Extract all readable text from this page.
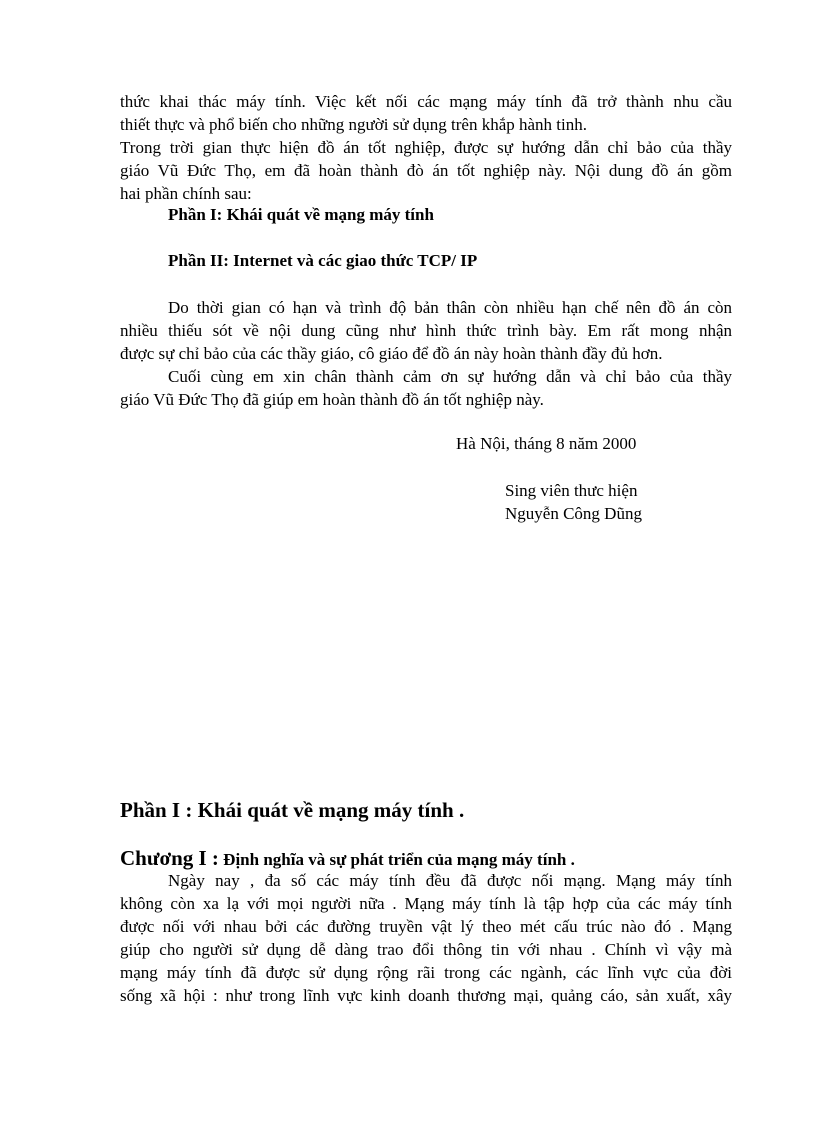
thức khai thác máy tính. Việc kết nối các mạng máy tính đã trở thành nhu cầu
thiết thực và phổ biến cho những người sử dụng trên khắp hành tinh.
Trong trời gian thực hiện đồ án tốt nghiệp, được sự hướng dẫn chỉ bảo của thầy
giáo Vũ Đức Thọ, em đã hoàn thành đò án tốt nghiệp này. Nội dung đồ án gồm
hai phần chính sau:
Phần I: Khái quát về mạng máy tính
Phần II: Internet và các giao thức TCP/ IP
Do thời gian có hạn và trình độ bản thân còn nhiều hạn chế nên đồ án còn
nhiều thiếu sót về nội dung cũng như hình thức trình bày. Em rất mong nhận
được sự chỉ bảo của các thầy giáo, cô giáo để đồ án này hoàn thành đầy đủ hơn.
Cuối cùng em xin chân thành cảm ơn sự hướng dẫn và chỉ bảo của thầy
giáo Vũ Đức Thọ đã giúp em hoàn thành đồ án tốt nghiệp này.
Hà Nội, tháng 8 năm 2000
Sing viên thưc hiện
Nguyễn Công Dũng
Phần I : Khái quát về mạng máy tính .
Chương I : Định nghĩa và sự phát triển của mạng máy tính .
Ngày nay , đa số các máy tính đều đã được nối mạng. Mạng máy tính
không còn xa lạ với mọi người nữa . Mạng máy tính là tập hợp của các máy tính
được nối với nhau bởi các đường truyền vật lý theo mét cấu trúc nào đó . Mạng
giúp cho người sử dụng dễ dàng trao đổi thông tin với nhau . Chính vì vậy mà
mạng máy tính đã được sử dụng rộng rãi trong các ngành, các lĩnh vực của đời
sống xã hội : như trong lĩnh vực kinh doanh thương mại, quảng cáo, sản xuất, xây
